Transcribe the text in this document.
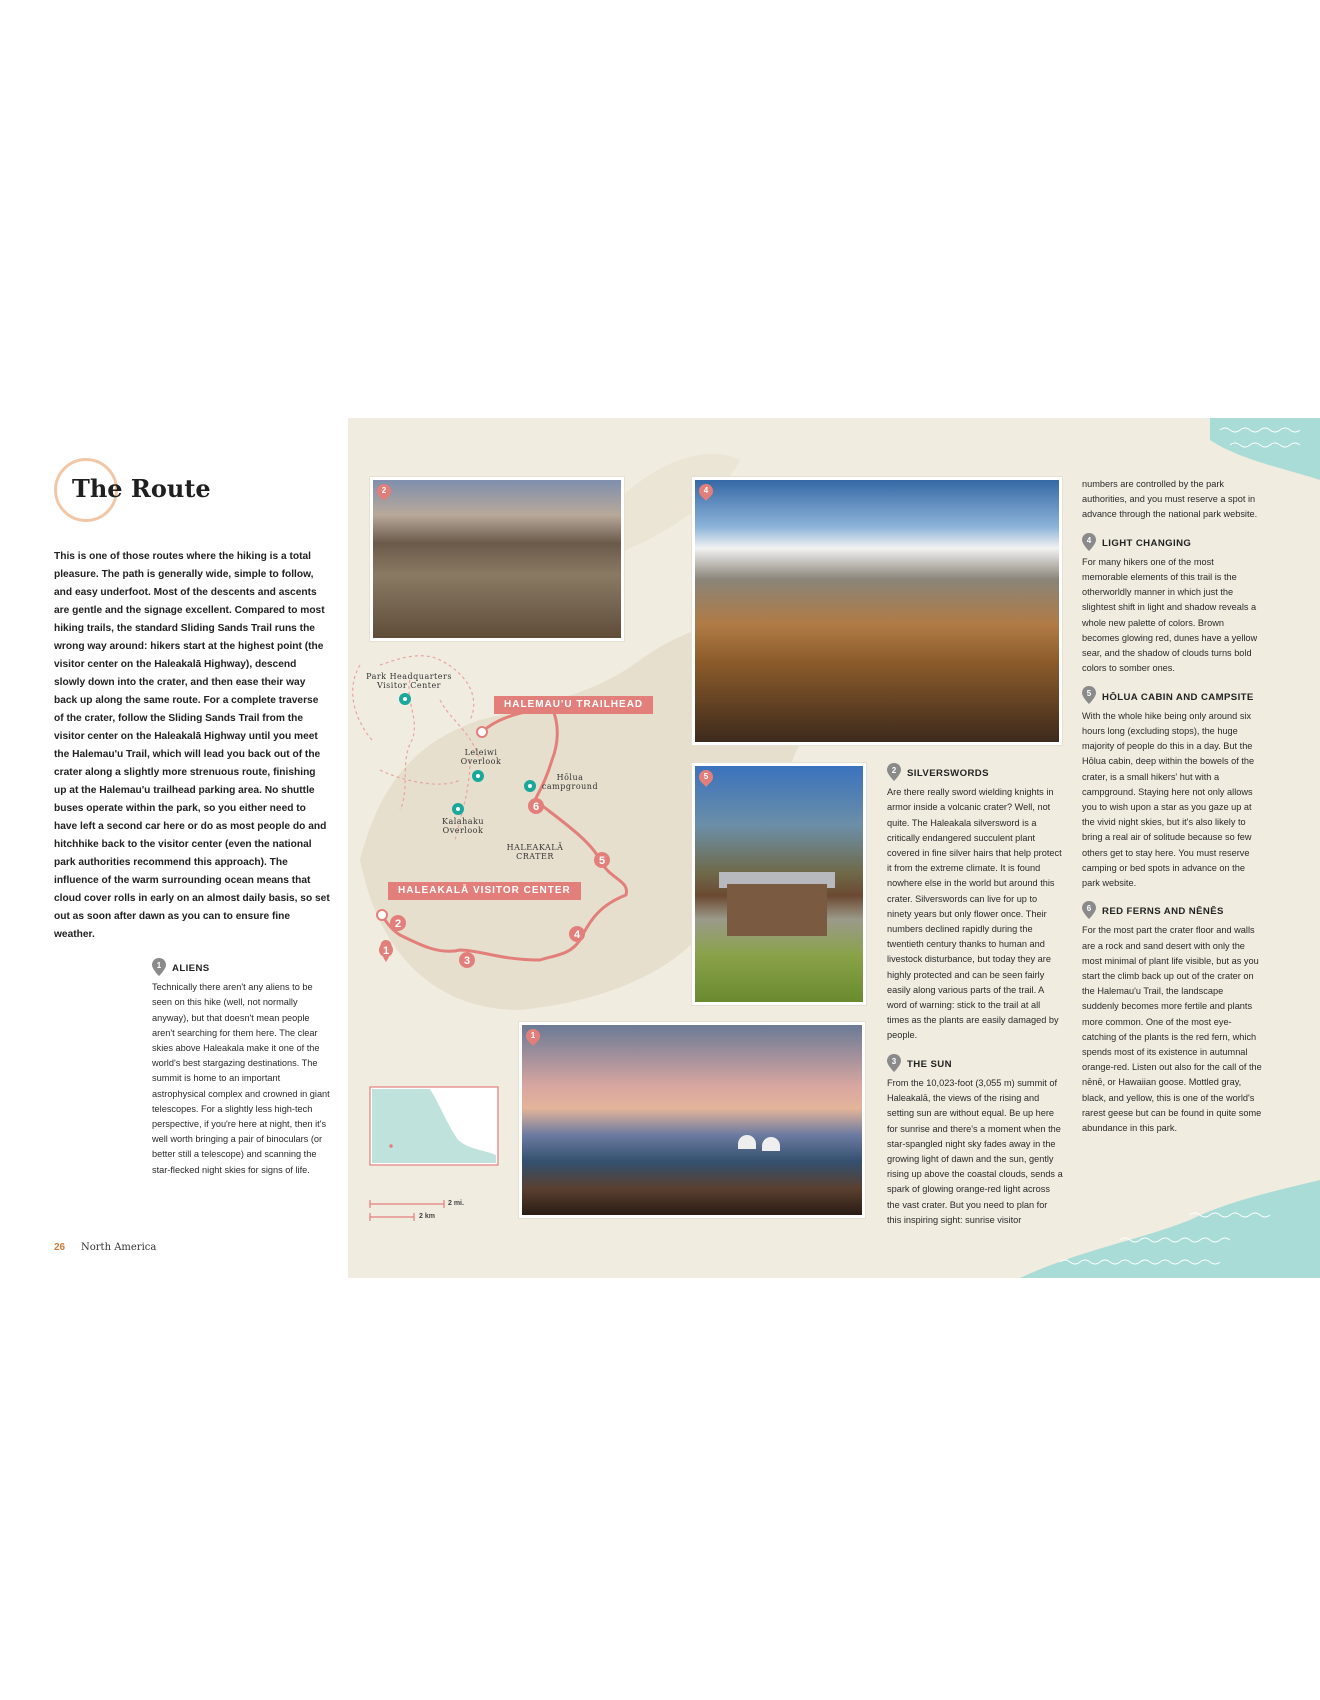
The Route

This is one of those routes where the hiking is a total pleasure. The path is generally wide, simple to follow, and easy underfoot. Most of the descents and ascents are gentle and the signage excellent. Compared to most hiking trails, the standard Sliding Sands Trail runs the wrong way around: hikers start at the highest point (the visitor center on the Haleakalā Highway), descend slowly down into the crater, and then ease their way back up along the same route. For a complete traverse of the crater, follow the Sliding Sands Trail from the visitor center on the Haleakalā Highway until you meet the Halemau'u Trail, which will lead you back out of the crater along a slightly more strenuous route, finishing up at the Halemau'u trailhead parking area. No shuttle buses operate within the park, so you either need to have left a second car here or do as most people do and hitchhike back to the visitor center (even the national park authorities recommend this approach). The influence of the warm surrounding ocean means that cloud cover rolls in early on an almost daily basis, so set out as soon after dawn as you can to ensure fine weather.

1 ALIENS

Technically there aren't any aliens to be seen on this hike (well, not normally anyway), but that doesn't mean people aren't searching for them here. The clear skies above Haleakala make it one of the world's best stargazing destinations. The summit is home to an important astrophysical complex and crowned in giant telescopes. For a slightly less high-tech perspective, if you're here at night, then it's well worth bringing a pair of binoculars (or better still a telescope) and scanning the star-flecked night skies for signs of life.

26 North America
1
2
3
4
5
6
Park Headquarters
Visitor Center
Leleiwi
Overlook
Hōlua
campground
Kalahaku
Overlook
HALEAKALĀ
CRATER
HALEMAU'U TRAILHEAD
HALEAKALĀ VISITOR CENTER
2 mi.
2 km
2	4
5
1
2 SILVERSWORDS

Are there really sword wielding knights in armor inside a volcanic crater? Well, not quite. The Haleakala silversword is a critically endangered succulent plant covered in fine silver hairs that help protect it from the extreme climate. It is found nowhere else in the world but around this crater. Silverswords can live for up to ninety years but only flower once. Their numbers declined rapidly during the twentieth century thanks to human and livestock disturbance, but today they are highly protected and can be seen fairly easily along various parts of the trail. A word of warning: stick to the trail at all times as the plants are easily damaged by people.

3 THE SUN

From the 10,023-foot (3,055 m) summit of Haleakalā, the views of the rising and setting sun are without equal. Be up here for sunrise and there's a moment when the star-spangled night sky fades away in the growing light of dawn and the sun, gently rising up above the coastal clouds, sends a spark of glowing orange-red light across the vast crater. But you need to plan for this inspiring sight: sunrise visitor

numbers are controlled by the park authorities, and you must reserve a spot in advance through the national park website.

4 LIGHT CHANGING

For many hikers one of the most memorable elements of this trail is the otherworldly manner in which just the slightest shift in light and shadow reveals a whole new palette of colors. Brown becomes glowing red, dunes have a yellow sear, and the shadow of clouds turns bold colors to somber ones.

5 HŌLUA CABIN AND CAMPSITE

With the whole hike being only around six hours long (excluding stops), the huge majority of people do this in a day. But the Hōlua cabin, deep within the bowels of the crater, is a small hikers' hut with a campground. Staying here not only allows you to wish upon a star as you gaze up at the vivid night skies, but it's also likely to bring a real air of solitude because so few others get to stay here. You must reserve camping or bed spots in advance on the park website.

6 RED FERNS AND NĒNĒS

For the most part the crater floor and walls are a rock and sand desert with only the most minimal of plant life visible, but as you start the climb back up out of the crater on the Halemau'u Trail, the landscape suddenly becomes more fertile and plants more common. One of the most eye-catching of the plants is the red fern, which spends most of its existence in autumnal orange-red. Listen out also for the call of the nēnē, or Hawaiian goose. Mottled gray, black, and yellow, this is one of the world's rarest geese but can be found in quite some abundance in this park.
